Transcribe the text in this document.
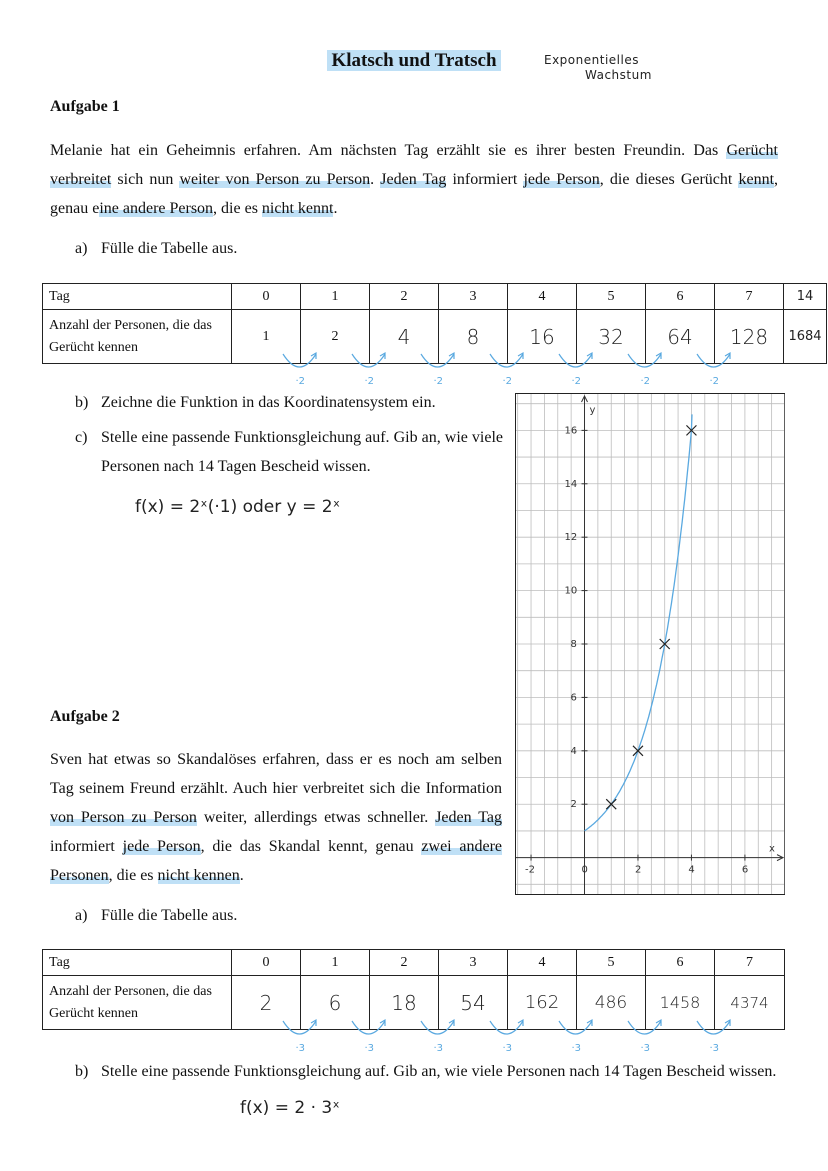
Klatsch und Tratsch	Exponentielles
Wachstum
Aufgabe 1
Melanie hat ein Geheimnis erfahren. Am nächsten Tag erzählt sie es ihrer besten Freundin. Das Gerücht verbreitet sich nun weiter von Person zu Person. Jeden Tag informiert jede Person, die dieses Gerücht kennt, genau eine andere Person, die es nicht kennt.
a) Fülle die Tabelle aus.
Tag	0	1	2	3	4	5	6	7	14
Anzahl der Personen, die das Gerücht kennen	1	2	4	8	16	32	64	128	1684
·2	·2	·2	·2	·2	·2	·2
b) Zeichne die Funktion in das Koordinatensystem ein.
c) Stelle eine passende Funktionsgleichung auf. Gib an, wie viele Personen nach 14 Tagen Bescheid wissen.
f(x) = 2ˣ(·1) oder y = 2ˣ
-2	0	2	4	6
2
4
6
8
10
12
14
16
x
y
Aufgabe 2
Sven hat etwas so Skandalöses erfahren, dass er es noch am selben Tag seinem Freund erzählt. Auch hier verbreitet sich die Information von Person zu Person weiter, allerdings etwas schneller. Jeden Tag informiert jede Person, die das Skandal kennt, genau zwei andere Personen, die es nicht kennen.
a) Fülle die Tabelle aus.
Tag	0	1	2	3	4	5	6	7
Anzahl der Personen, die das Gerücht kennen	2	6	18	54	162	486	1458	4374
·3	·3	·3	·3	·3	·3	·3
b) Stelle eine passende Funktionsgleichung auf. Gib an, wie viele Personen nach 14 Tagen Bescheid wissen.
f(x) = 2 · 3ˣ
